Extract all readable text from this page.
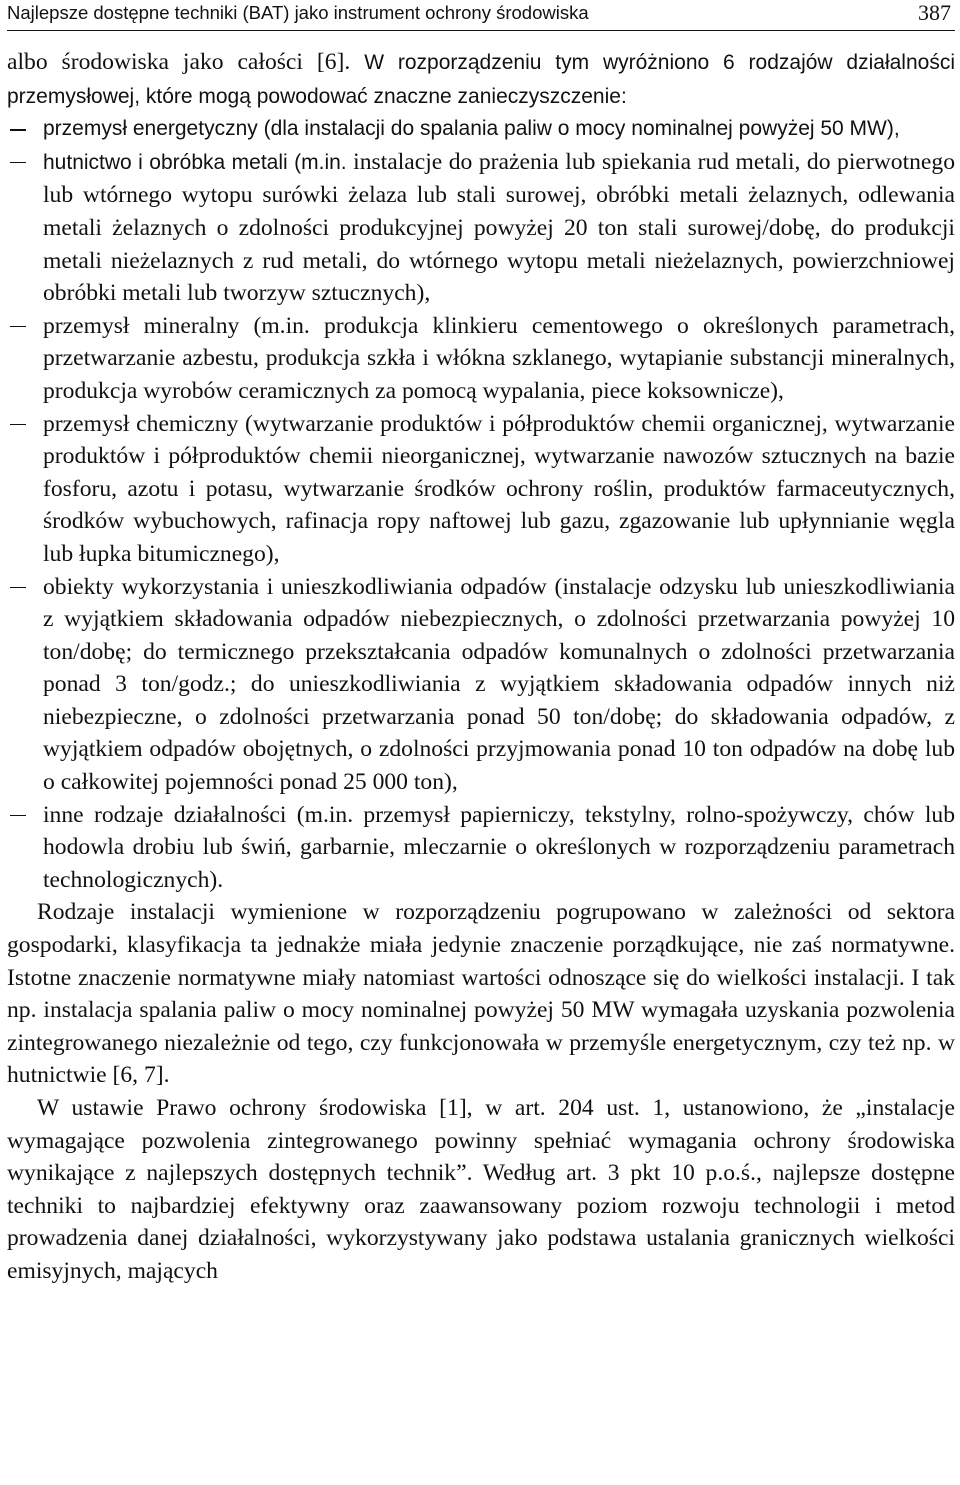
Najlepsze dostępne techniki (BAT) jako instrument ochrony środowiska	387

albo środowiska jako całości [6]. W rozporządzeniu tym wyróżniono 6 rodzajów działalności przemysłowej, które mogą powodować znaczne zanieczyszczenie:

przemysł energetyczny (dla instalacji do spalania paliw o mocy nominalnej powyżej 50 MW),
hutnictwo i obróbka metali (m.in. instalacje do prażenia lub spiekania rud metali, do pierwotnego lub wtórnego wytopu surówki żelaza lub stali surowej, obróbki metali żelaznych, odlewania metali żelaznych o zdolności produkcyjnej powyżej 20 ton stali surowej/dobę, do produkcji metali nieżelaznych z rud metali, do wtórnego wytopu metali nieżelaznych, powierzchniowej obróbki metali lub tworzyw sztucznych),
przemysł mineralny (m.in. produkcja klinkieru cementowego o określonych parametrach, przetwarzanie azbestu, produkcja szkła i włókna szklanego, wytapianie substancji mineralnych, produkcja wyrobów ceramicznych za pomocą wypalania, piece koksownicze),
przemysł chemiczny (wytwarzanie produktów i półproduktów chemii organicznej, wytwarzanie produktów i półproduktów chemii nieorganicznej, wytwarzanie nawozów sztucznych na bazie fosforu, azotu i potasu, wytwarzanie środków ochrony roślin, produktów farmaceutycznych, środków wybuchowych, rafinacja ropy naftowej lub gazu, zgazowanie lub upłynnianie węgla lub łupka bitumicznego),
obiekty wykorzystania i unieszkodliwiania odpadów (instalacje odzysku lub unieszkodliwiania z wyjątkiem składowania odpadów niebezpiecznych, o zdolności przetwarzania powyżej 10 ton/dobę; do termicznego przekształcania odpadów komunalnych o zdolności przetwarzania ponad 3 ton/godz.; do unieszkodliwiania z wyjątkiem składowania odpadów innych niż niebezpieczne, o zdolności przetwarzania ponad 50 ton/dobę; do składowania odpadów, z wyjątkiem odpadów obojętnych, o zdolności przyjmowania ponad 10 ton odpadów na dobę lub o całkowitej pojemności ponad 25 000 ton),
inne rodzaje działalności (m.in. przemysł papierniczy, tekstylny, rolno-spożywczy, chów lub hodowla drobiu lub świń, garbarnie, mleczarnie o określonych w rozporządzeniu parametrach technologicznych).

Rodzaje instalacji wymienione w rozporządzeniu pogrupowano w zależności od sektora gospodarki, klasyfikacja ta jednakże miała jedynie znaczenie porządkujące, nie zaś normatywne. Istotne znaczenie normatywne miały natomiast wartości odnoszące się do wielkości instalacji. I tak np. instalacja spalania paliw o mocy nominalnej powyżej 50 MW wymagała uzyskania pozwolenia zintegrowanego niezależnie od tego, czy funkcjonowała w przemyśle energetycznym, czy też np. w hutnictwie [6, 7].

W ustawie Prawo ochrony środowiska [1], w art. 204 ust. 1, ustanowiono, że „instalacje wymagające pozwolenia zintegrowanego powinny spełniać wymagania ochrony środowiska wynikające z najlepszych dostępnych technik”. Według art. 3 pkt 10 p.o.ś., najlepsze dostępne techniki to najbardziej efektywny oraz zaawansowany poziom rozwoju technologii i metod prowadzenia danej działalności, wykorzystywany jako podstawa ustalania granicznych wielkości emisyjnych, mających
